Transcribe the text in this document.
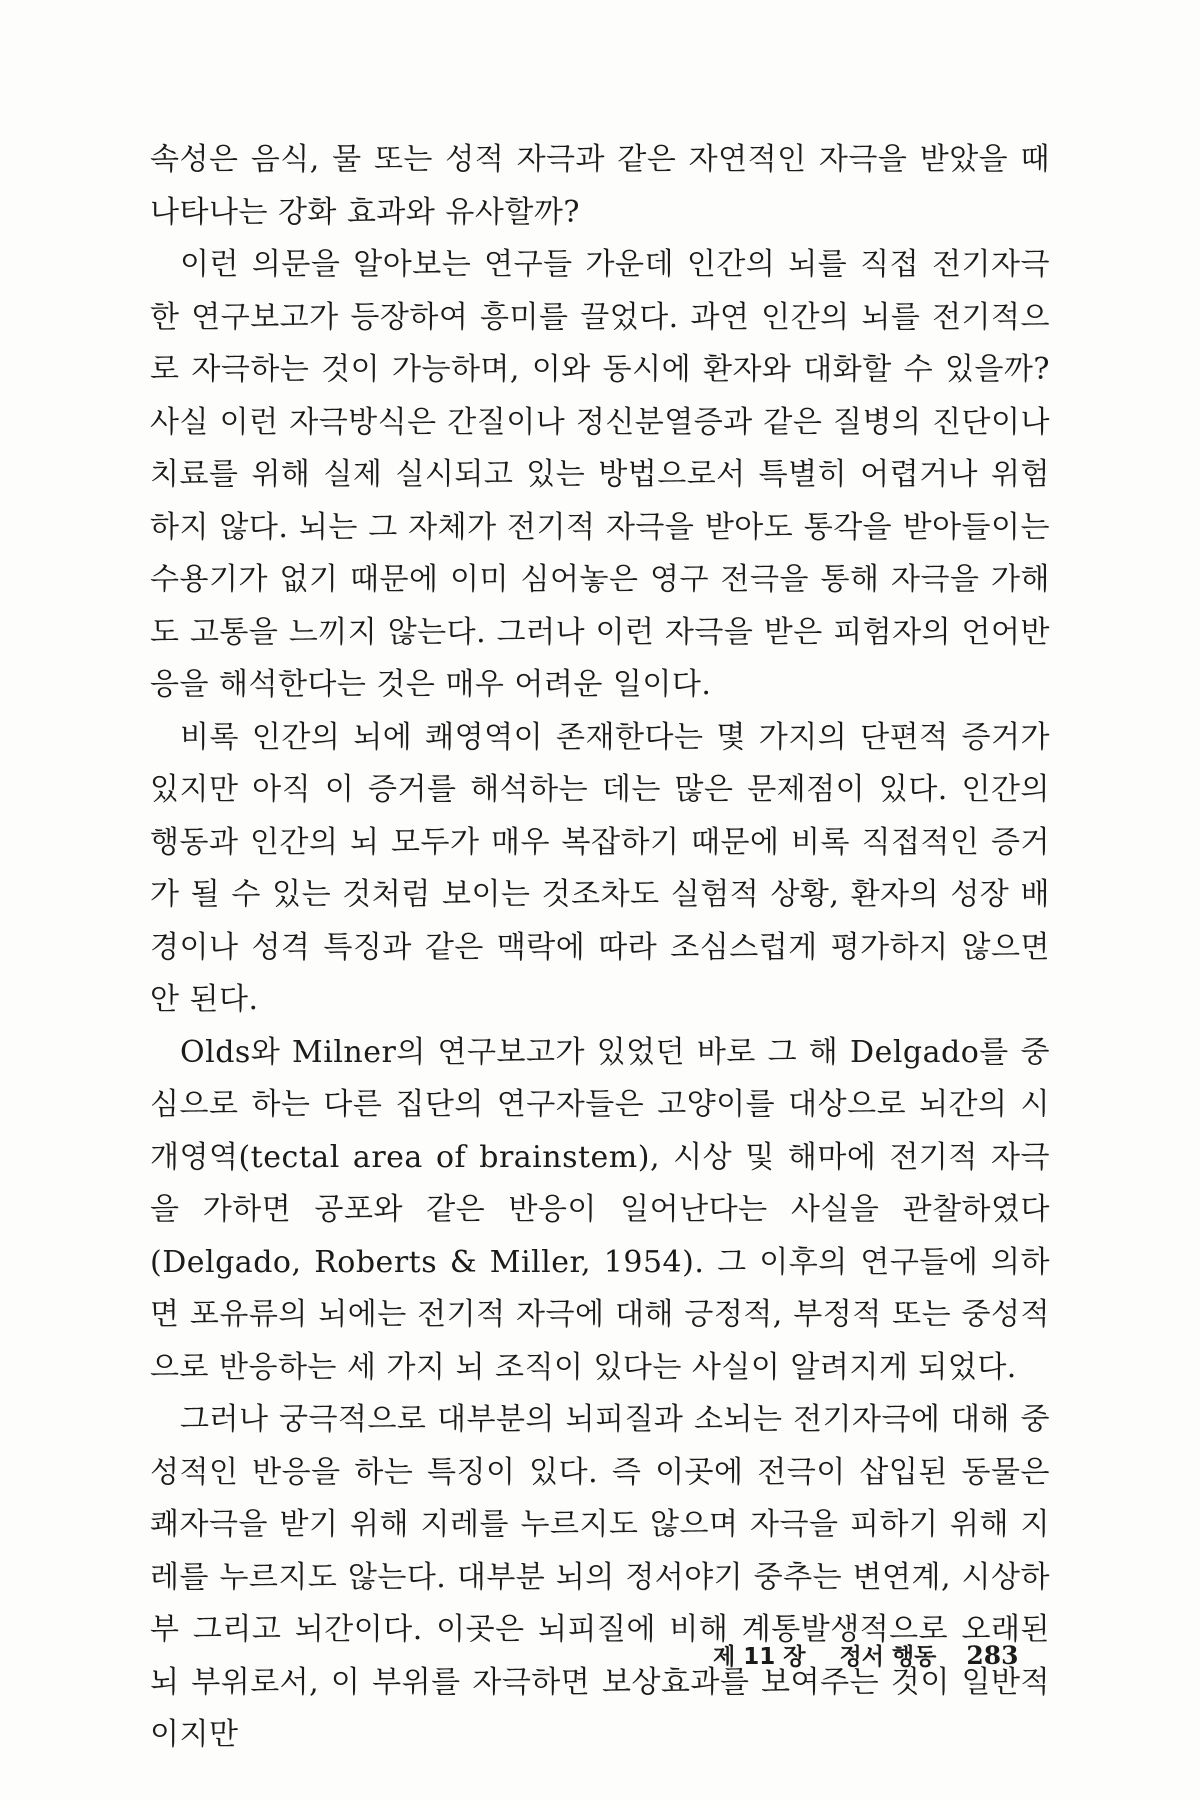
속성은 음식, 물 또는 성적 자극과 같은 자연적인 자극을 받았을 때 나타나는 강화 효과와 유사할까?

이런 의문을 알아보는 연구들 가운데 인간의 뇌를 직접 전기자극한 연구보고가 등장하여 흥미를 끌었다. 과연 인간의 뇌를 전기적으로 자극하는 것이 가능하며, 이와 동시에 환자와 대화할 수 있을까? 사실 이런 자극방식은 간질이나 정신분열증과 같은 질병의 진단이나 치료를 위해 실제 실시되고 있는 방법으로서 특별히 어렵거나 위험하지 않다. 뇌는 그 자체가 전기적 자극을 받아도 통각을 받아들이는 수용기가 없기 때문에 이미 심어놓은 영구 전극을 통해 자극을 가해도 고통을 느끼지 않는다. 그러나 이런 자극을 받은 피험자의 언어반응을 해석한다는 것은 매우 어려운 일이다.

비록 인간의 뇌에 쾌영역이 존재한다는 몇 가지의 단편적 증거가 있지만 아직 이 증거를 해석하는 데는 많은 문제점이 있다. 인간의 행동과 인간의 뇌 모두가 매우 복잡하기 때문에 비록 직접적인 증거가 될 수 있는 것처럼 보이는 것조차도 실험적 상황, 환자의 성장 배경이나 성격 특징과 같은 맥락에 따라 조심스럽게 평가하지 않으면 안 된다.

Olds와 Milner의 연구보고가 있었던 바로 그 해 Delgado를 중심으로 하는 다른 집단의 연구자들은 고양이를 대상으로 뇌간의 시개영역(tectal area of brainstem), 시상 및 해마에 전기적 자극을 가하면 공포와 같은 반응이 일어난다는 사실을 관찰하였다(Delgado, Roberts & Miller, 1954). 그 이후의 연구들에 의하면 포유류의 뇌에는 전기적 자극에 대해 긍정적, 부정적 또는 중성적으로 반응하는 세 가지 뇌 조직이 있다는 사실이 알려지게 되었다.

그러나 궁극적으로 대부분의 뇌피질과 소뇌는 전기자극에 대해 중성적인 반응을 하는 특징이 있다. 즉 이곳에 전극이 삽입된 동물은 쾌자극을 받기 위해 지레를 누르지도 않으며 자극을 피하기 위해 지레를 누르지도 않는다. 대부분 뇌의 정서야기 중추는 변연계, 시상하부 그리고 뇌간이다. 이곳은 뇌피질에 비해 계통발생적으로 오래된 뇌 부위로서, 이 부위를 자극하면 보상효과를 보여주는 것이 일반적이지만

제 11 장 정서 행동 283
